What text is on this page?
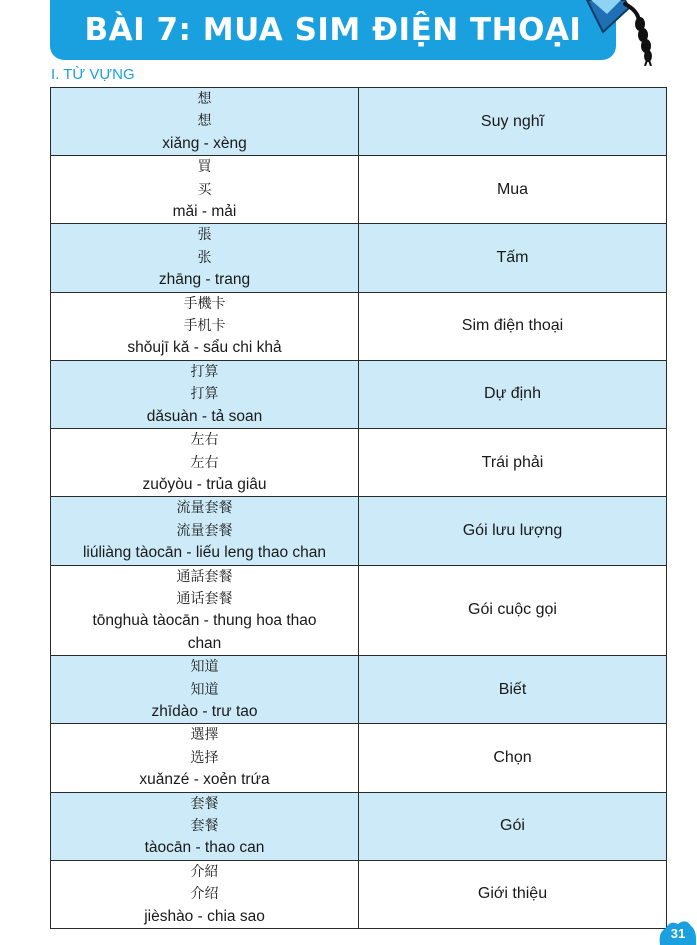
BÀI 7: MUA SIM ĐIỆN THOẠI
I. TỪ VỰNG
想
想
xiǎng - xèng	Suy nghĩ

買
买
mǎi - mải	Mua

張
张
zhāng - trang	Tấm

手機卡
手机卡
shǒujī kǎ - sẩu chi khả	Sim điện thoại

打算
打算
dǎsuàn - tả soan	Dự định

左右
左右
zuǒyòu - trủa giâu	Trái phải

流量套餐
流量套餐
liúliàng tàocān - liếu leng thao chan	Gói lưu lượng

通話套餐
通话套餐
tōnghuà tàocān - thung hoa thao chan	Gói cuộc gọi

知道
知道
zhīdào - trư tao	Biết

選擇
选择
xuǎnzé - xoẻn trứa	Chọn

套餐
套餐
tàocān - thao can	Gói

介紹
介绍
jièshào - chia sao	Giới thiệu
31
